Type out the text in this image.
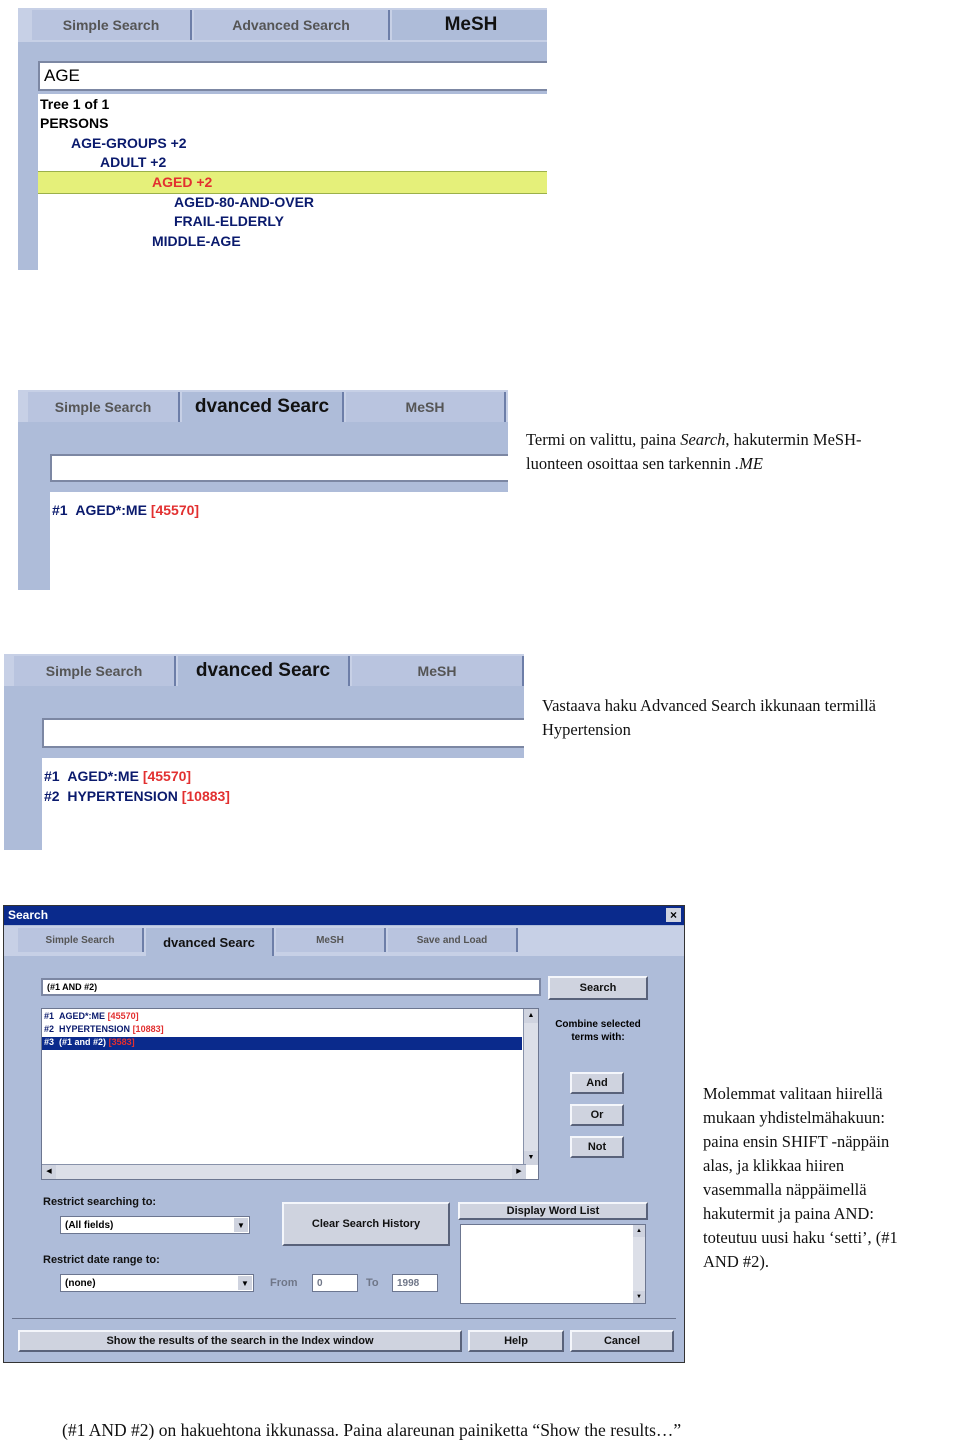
Simple Search	Advanced Search	MeSH
AGE
Tree 1 of 1
PERSONS
AGE-GROUPS +2
ADULT +2
AGED +2
AGED-80-AND-OVER
FRAIL-ELDERLY
MIDDLE-AGE
Simple Search	dvanced Searc	MeSH
#1 AGED*:ME [45570]
Termi on valittu, paina Search, hakutermin MeSH-
luonteen osoittaa sen tarkennin .ME
Simple Search	dvanced Searc	MeSH
#1 AGED*:ME [45570]
#2 HYPERTENSION [10883]
Vastaava haku Advanced Search ikkunaan termillä
Hypertension
Search	×
Simple Search	dvanced Searc	MeSH	Save and Load
(#1 AND #2)	Search
#1 AGED*:ME [45570]
#2 HYPERTENSION [10883]
#3 (#1 and #2) [3583]
▲
▼
◀	▶
Combine selected terms with:
And
Or
Not
Restrict searching to:
(All fields)	▼	Clear Search History
Display Word List
▲
▼
Restrict date range to:
(none)	▼ From	0	To	1998
Show the results of the search in the Index window	Help	Cancel
Molemmat valitaan hiirellä
mukaan yhdistelmähakuun:
paina ensin SHIFT -näppäin
alas, ja klikkaa hiiren
vasemmalla näppäimellä
hakutermit ja paina AND:
toteutuu uusi haku ‘setti’, (#1
AND #2).
(#1 AND #2) on hakuehtona ikkunassa. Paina alareunan painiketta “Show the results…”
